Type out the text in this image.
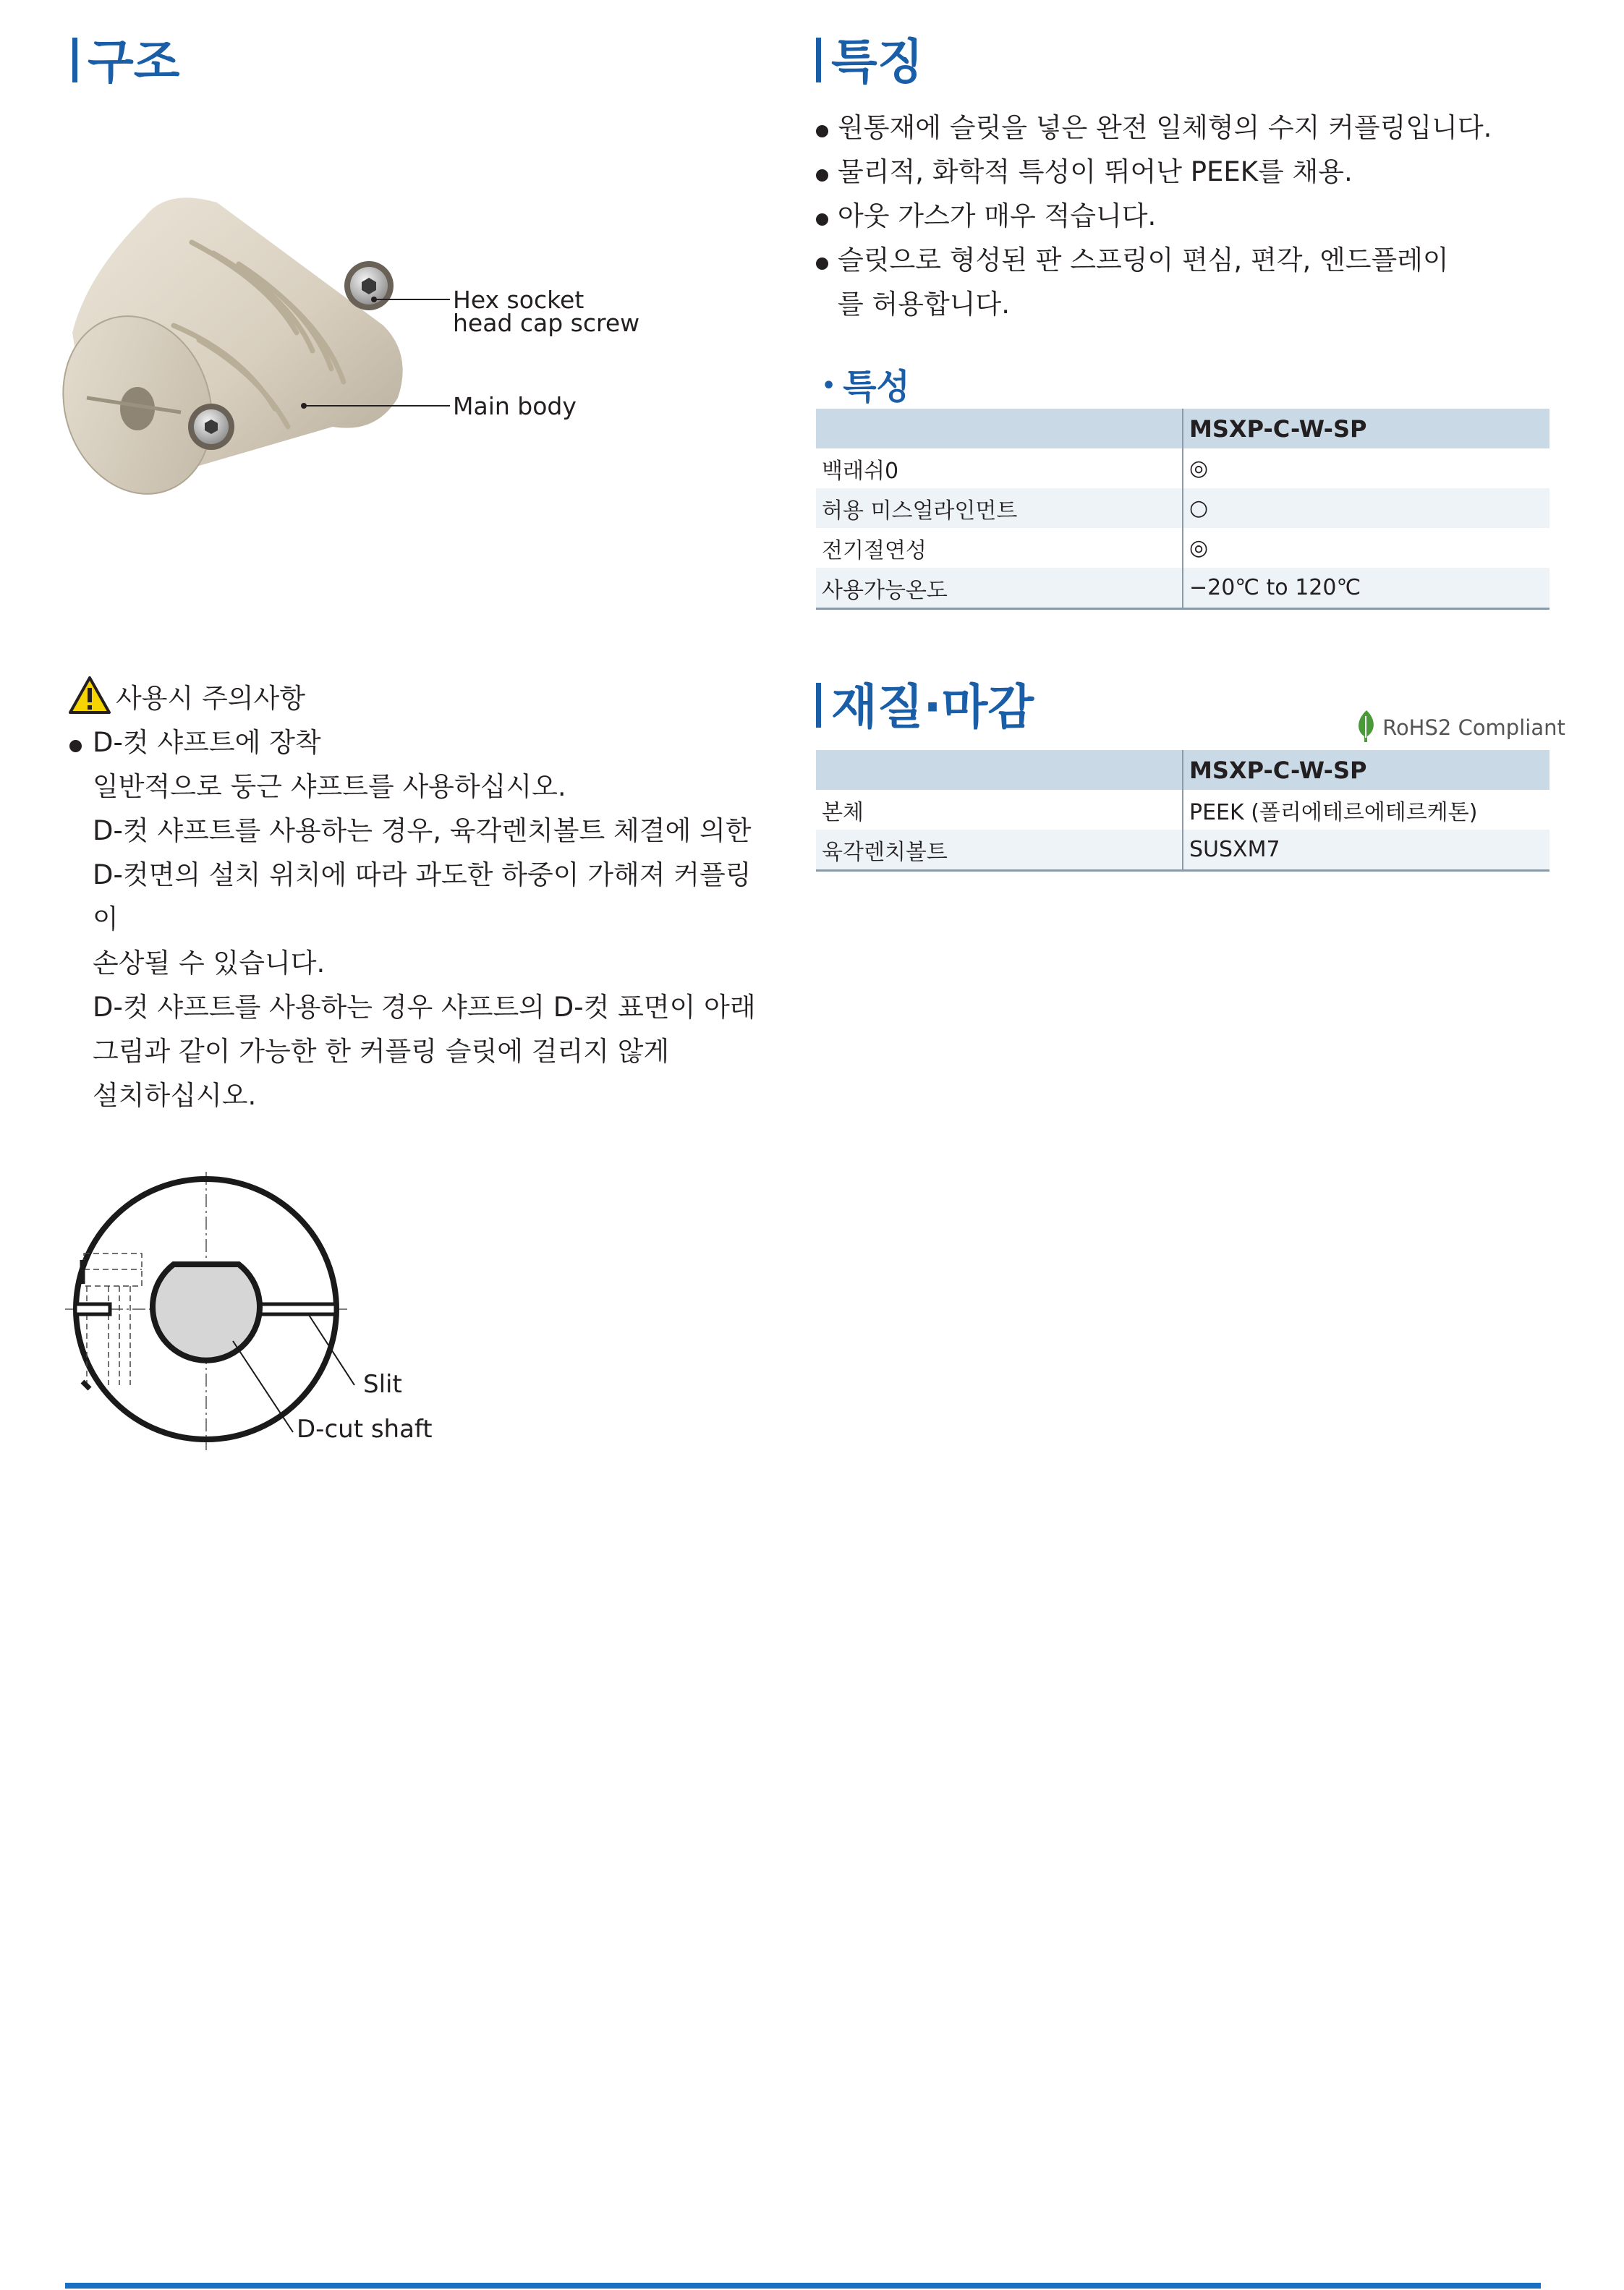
구조
Hex socket
head cap screw
Main body
특징
원통재에 슬릿을 넣은 완전 일체형의 수지 커플링입니다.
물리적, 화학적 특성이 뛰어난 PEEK를 채용.
아웃 가스가 매우 적습니다.
슬릿으로 형성된 판 스프링이 편심, 편각, 엔드플레이를 허용합니다.
• 특성
	MSXP-C-W-SP
백래쉬0	◎
허용 미스얼라인먼트	○
전기절연성	◎
사용가능온도	−20℃ to 120℃
재질·마감	RoHS2 Compliant
	MSXP-C-W-SP
본체	PEEK (폴리에테르에테르케톤)
육각렌치볼트	SUSXM7
사용시 주의사항
D-컷 샤프트에 장착
일반적으로 둥근 샤프트를 사용하십시오.
D-컷 샤프트를 사용하는 경우, 육각렌치볼트 체결에 의한
D-컷면의 설치 위치에 따라 과도한 하중이 가해져 커플링이
손상될 수 있습니다.
D-컷 샤프트를 사용하는 경우 샤프트의 D-컷 표면이 아래
그림과 같이 가능한 한 커플링 슬릿에 걸리지 않게
설치하십시오.
Slit
D-cut shaft
